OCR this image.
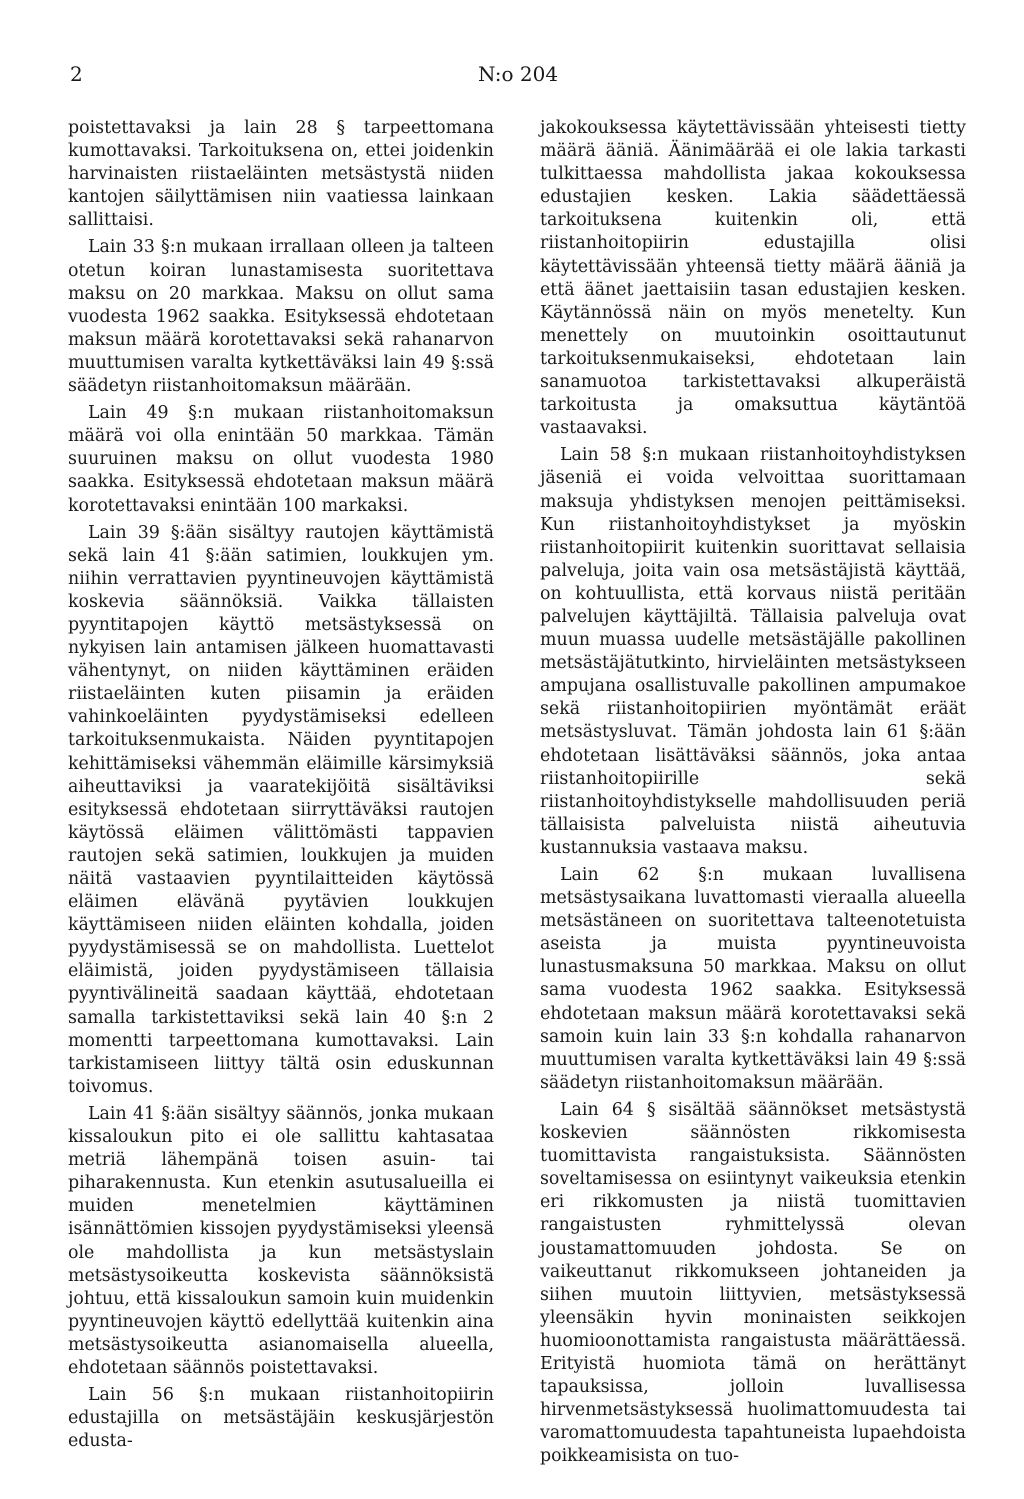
2	N:o 204

poistettavaksi ja lain 28 § tarpeettomana kumottavaksi. Tarkoituksena on, ettei joidenkin harvinaisten riistaeläinten metsästystä niiden kantojen säilyttämisen niin vaatiessa lainkaan sallittaisi.

Lain 33 §:n mukaan irrallaan olleen ja talteen otetun koiran lunastamisesta suoritettava maksu on 20 markkaa. Maksu on ollut sama vuodesta 1962 saakka. Esityksessä ehdotetaan maksun määrä korotettavaksi sekä rahanarvon muuttumisen varalta kytkettäväksi lain 49 §:ssä säädetyn riistanhoitomaksun määrään.

Lain 49 §:n mukaan riistanhoitomaksun määrä voi olla enintään 50 markkaa. Tämän suuruinen maksu on ollut vuodesta 1980 saakka. Esityksessä ehdotetaan maksun määrä korotettavaksi enintään 100 markaksi.

Lain 39 §:ään sisältyy rautojen käyttämistä sekä lain 41 §:ään satimien, loukkujen ym. niihin verrattavien pyyntineuvojen käyttämistä koskevia säännöksiä. Vaikka tällaisten pyyntitapojen käyttö metsästyksessä on nykyisen lain antamisen jälkeen huomattavasti vähentynyt, on niiden käyttäminen eräiden riistaeläinten kuten piisamin ja eräiden vahinkoeläinten pyydystämiseksi edelleen tarkoituksenmukaista. Näiden pyyntitapojen kehittämiseksi vähemmän eläimille kärsimyksiä aiheuttaviksi ja vaaratekijöitä sisältäviksi esityksessä ehdotetaan siirryttäväksi rautojen käytössä eläimen välittömästi tappavien rautojen sekä satimien, loukkujen ja muiden näitä vastaavien pyyntilaitteiden käytössä eläimen elävänä pyytävien loukkujen käyttämiseen niiden eläinten kohdalla, joiden pyydystämisessä se on mahdollista. Luettelot eläimistä, joiden pyydystämiseen tällaisia pyyntivälineitä saadaan käyttää, ehdotetaan samalla tarkistettaviksi sekä lain 40 §:n 2 momentti tarpeettomana kumottavaksi. Lain tarkistamiseen liittyy tältä osin eduskunnan toivomus.

Lain 41 §:ään sisältyy säännös, jonka mukaan kissaloukun pito ei ole sallittu kahtasataa metriä lähempänä toisen asuin- tai piharakennusta. Kun etenkin asutusalueilla ei muiden menetelmien käyttäminen isännättömien kissojen pyydystämiseksi yleensä ole mahdollista ja kun metsästyslain metsästysoikeutta koskevista säännöksistä johtuu, että kissaloukun samoin kuin muidenkin pyyntineuvojen käyttö edellyttää kuitenkin aina metsästysoikeutta asianomaisella alueella, ehdotetaan säännös poistettavaksi.

Lain 56 §:n mukaan riistanhoitopiirin edustajilla on metsästäjäin keskusjärjestön edusta-

jakokouksessa käytettävissään yhteisesti tietty määrä ääniä. Äänimäärää ei ole lakia tarkasti tulkittaessa mahdollista jakaa kokouksessa edustajien kesken. Lakia säädettäessä tarkoituksena kuitenkin oli, että riistanhoitopiirin edustajilla olisi käytettävissään yhteensä tietty määrä ääniä ja että äänet jaettaisiin tasan edustajien kesken. Käytännössä näin on myös menetelty. Kun menettely on muutoinkin osoittautunut tarkoituksenmukaiseksi, ehdotetaan lain sanamuotoa tarkistettavaksi alkuperäistä tarkoitusta ja omaksuttua käytäntöä vastaavaksi.

Lain 58 §:n mukaan riistanhoitoyhdistyksen jäseniä ei voida velvoittaa suorittamaan maksuja yhdistyksen menojen peittämiseksi. Kun riistanhoitoyhdistykset ja myöskin riistanhoitopiirit kuitenkin suorittavat sellaisia palveluja, joita vain osa metsästäjistä käyttää, on kohtuullista, että korvaus niistä peritään palvelujen käyttäjiltä. Tällaisia palveluja ovat muun muassa uudelle metsästäjälle pakollinen metsästäjätutkinto, hirvieläinten metsästykseen ampujana osallistuvalle pakollinen ampumakoe sekä riistanhoitopiirien myöntämät eräät metsästysluvat. Tämän johdosta lain 61 §:ään ehdotetaan lisättäväksi säännös, joka antaa riistanhoitopiirille sekä riistanhoitoyhdistykselle mahdollisuuden periä tällaisista palveluista niistä aiheutuvia kustannuksia vastaava maksu.

Lain 62 §:n mukaan luvallisena metsästysaikana luvattomasti vieraalla alueella metsästäneen on suoritettava talteenotetuista aseista ja muista pyyntineuvoista lunastusmaksuna 50 markkaa. Maksu on ollut sama vuodesta 1962 saakka. Esityksessä ehdotetaan maksun määrä korotettavaksi sekä samoin kuin lain 33 §:n kohdalla rahanarvon muuttumisen varalta kytkettäväksi lain 49 §:ssä säädetyn riistanhoitomaksun määrään.

Lain 64 § sisältää säännökset metsästystä koskevien säännösten rikkomisesta tuomittavista rangaistuksista. Säännösten soveltamisessa on esiintynyt vaikeuksia etenkin eri rikkomusten ja niistä tuomittavien rangaistusten ryhmittelyssä olevan joustamattomuuden johdosta. Se on vaikeuttanut rikkomukseen johtaneiden ja siihen muutoin liittyvien, metsästyksessä yleensäkin hyvin moninaisten seikkojen huomioonottamista rangaistusta määrättäessä. Erityistä huomiota tämä on herättänyt tapauksissa, jolloin luvallisessa hirvenmetsästyksessä huolimattomuudesta tai varomattomuudesta tapahtuneista lupaehdoista poikkeamisista on tuo-
